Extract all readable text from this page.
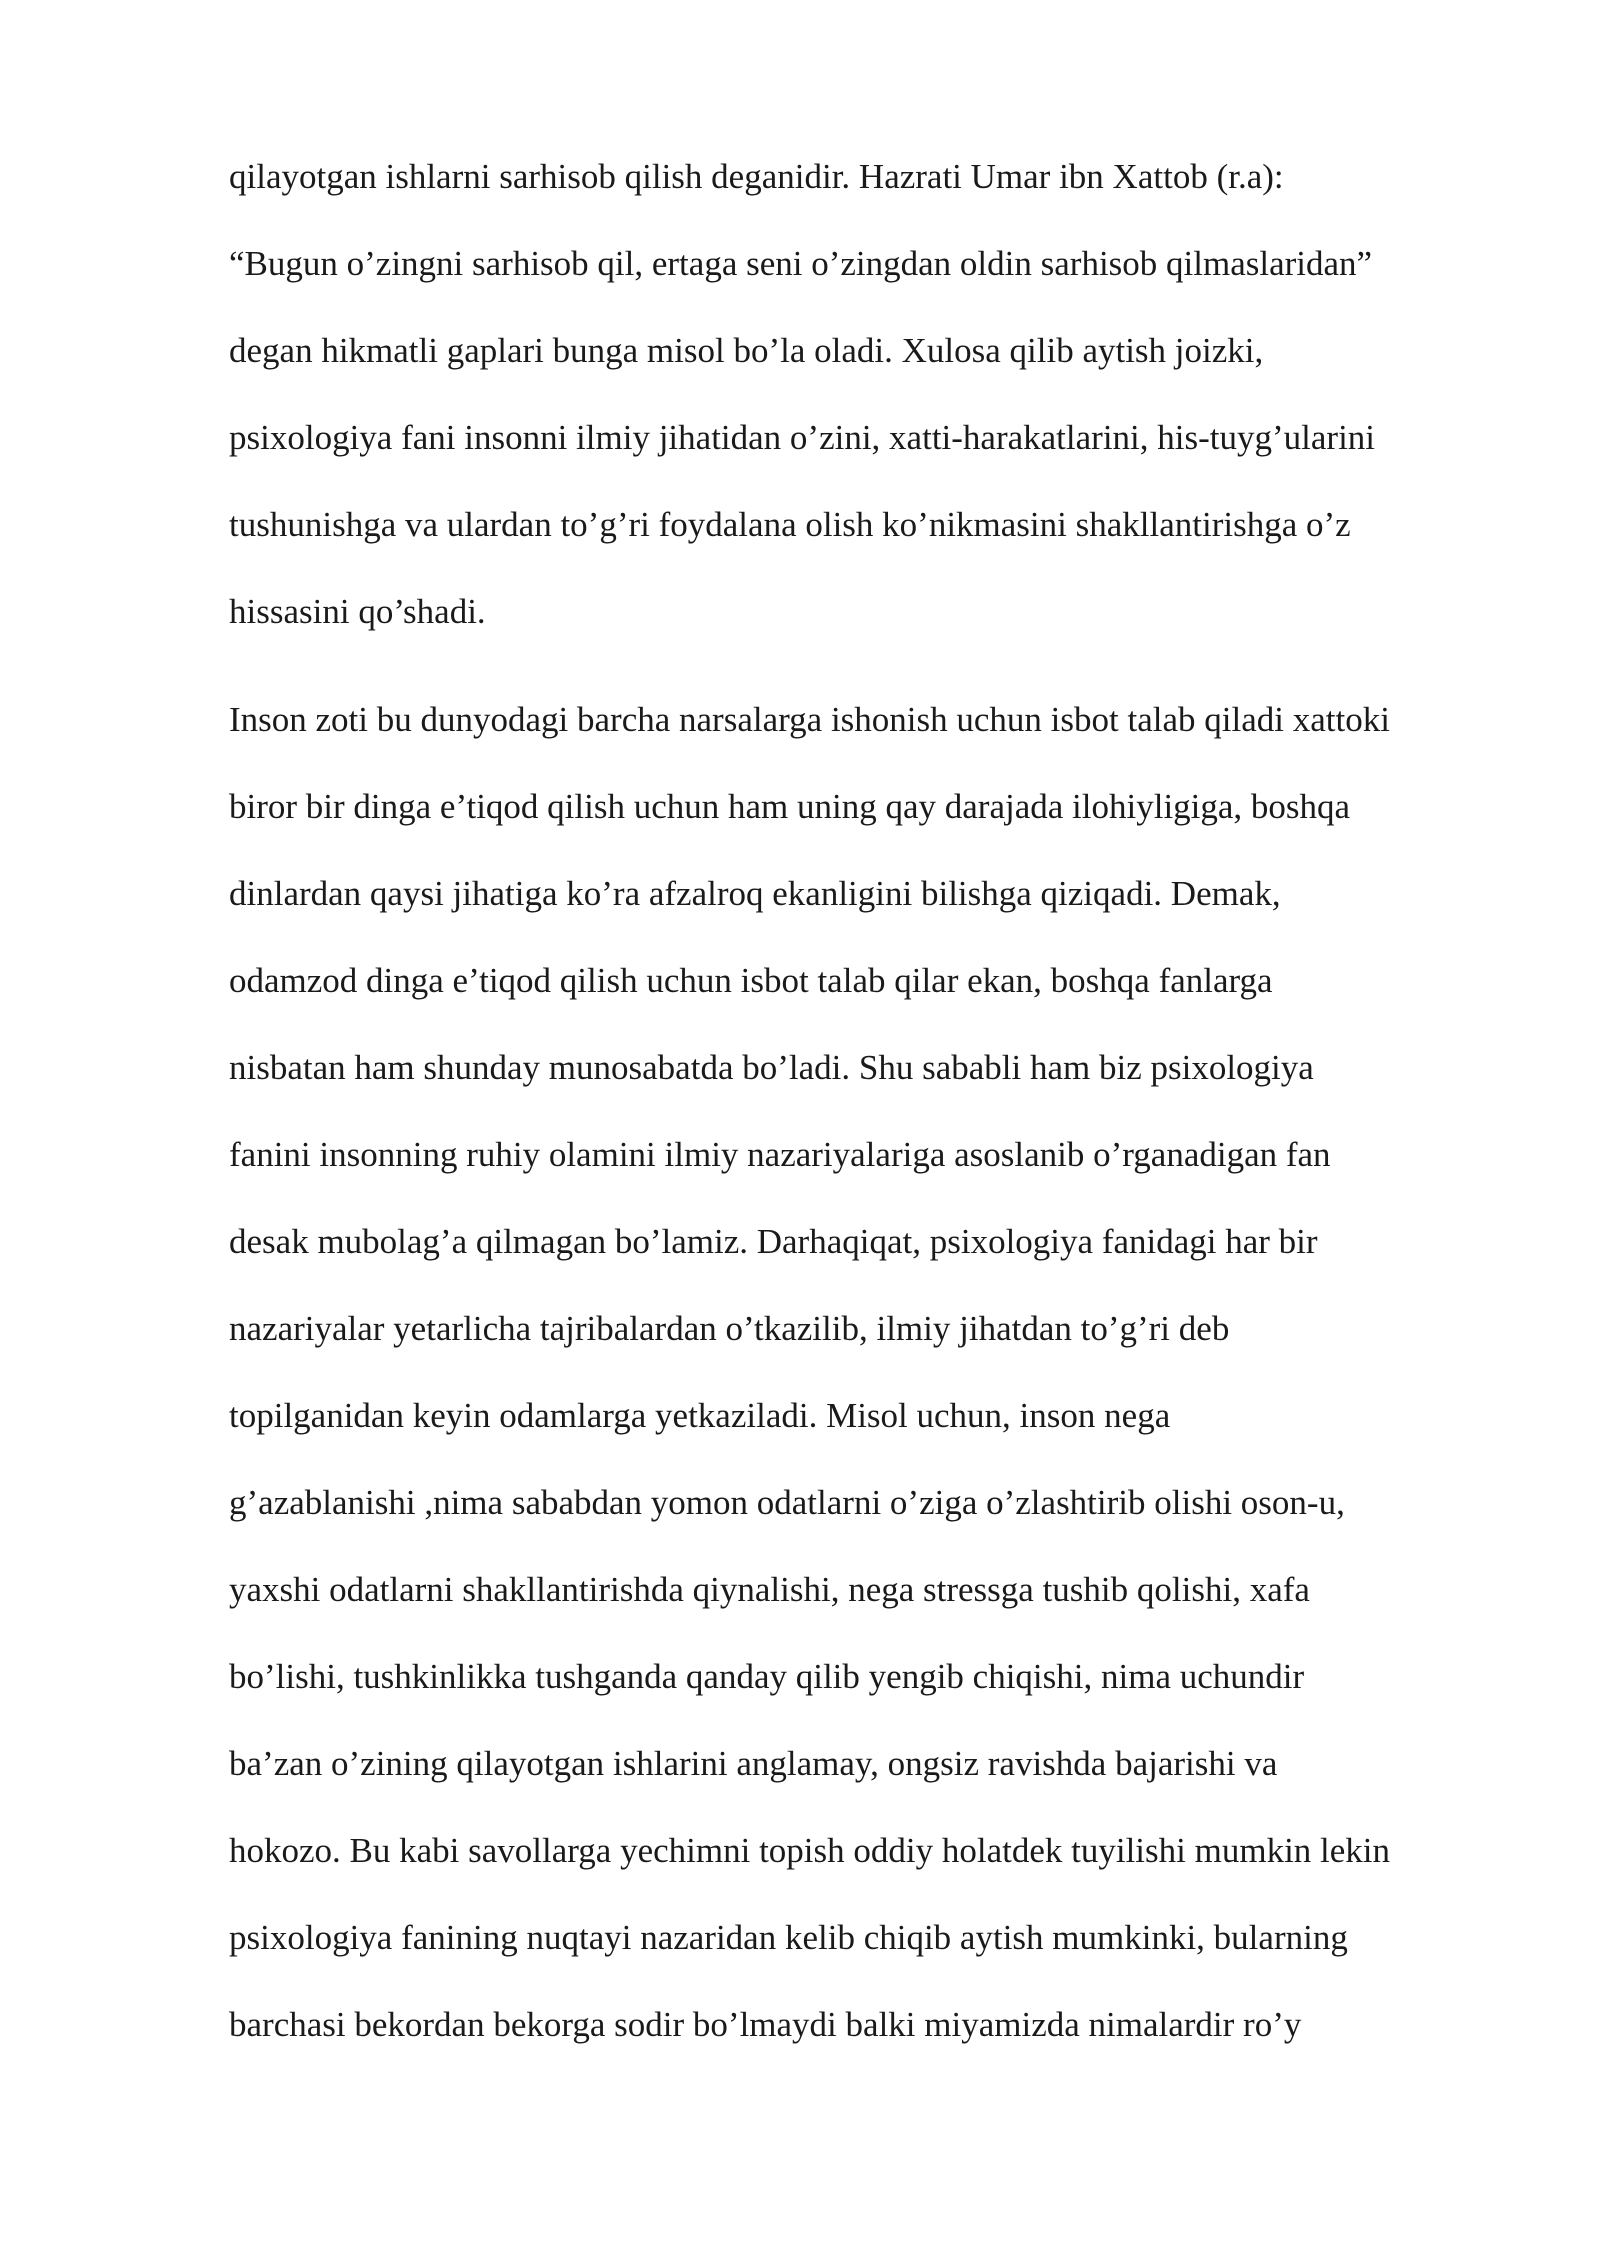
qilayotgan ishlarni sarhisob qilish deganidir. Hazrati Umar ibn Xattob (r.a):
“Bugun o’zingni sarhisob qil, ertaga seni o’zingdan oldin sarhisob qilmaslaridan”
degan hikmatli gaplari bunga misol bo’la oladi. Xulosa qilib aytish joizki,
psixologiya fani insonni ilmiy jihatidan o’zini, xatti-harakatlarini, his-tuyg’ularini
tushunishga va ulardan to’g’ri foydalana olish ko’nikmasini shakllantirishga o’z
hissasini qo’shadi.
Inson zoti bu dunyodagi barcha narsalarga ishonish uchun isbot talab qiladi xattoki
biror bir dinga e’tiqod qilish uchun ham uning qay darajada ilohiyligiga, boshqa
dinlardan qaysi jihatiga ko’ra afzalroq ekanligini bilishga qiziqadi. Demak,
odamzod dinga e’tiqod qilish uchun isbot talab qilar ekan, boshqa fanlarga
nisbatan ham shunday munosabatda bo’ladi. Shu sababli ham biz psixologiya
fanini insonning ruhiy olamini ilmiy nazariyalariga asoslanib o’rganadigan fan
desak mubolag’a qilmagan bo’lamiz. Darhaqiqat, psixologiya fanidagi har bir
nazariyalar yetarlicha tajribalardan o’tkazilib, ilmiy jihatdan to’g’ri deb
topilganidan keyin odamlarga yetkaziladi. Misol uchun, inson nega
g’azablanishi ,nima sababdan yomon odatlarni o’ziga o’zlashtirib olishi oson-u,
yaxshi odatlarni shakllantirishda qiynalishi, nega stressga tushib qolishi, xafa
bo’lishi, tushkinlikka tushganda qanday qilib yengib chiqishi, nima uchundir
ba’zan o’zining qilayotgan ishlarini anglamay, ongsiz ravishda bajarishi va
hokozo. Bu kabi savollarga yechimni topish oddiy holatdek tuyilishi mumkin lekin
psixologiya fanining nuqtayi nazaridan kelib chiqib aytish mumkinki, bularning
barchasi bekordan bekorga sodir bo’lmaydi balki miyamizda nimalardir ro’y
